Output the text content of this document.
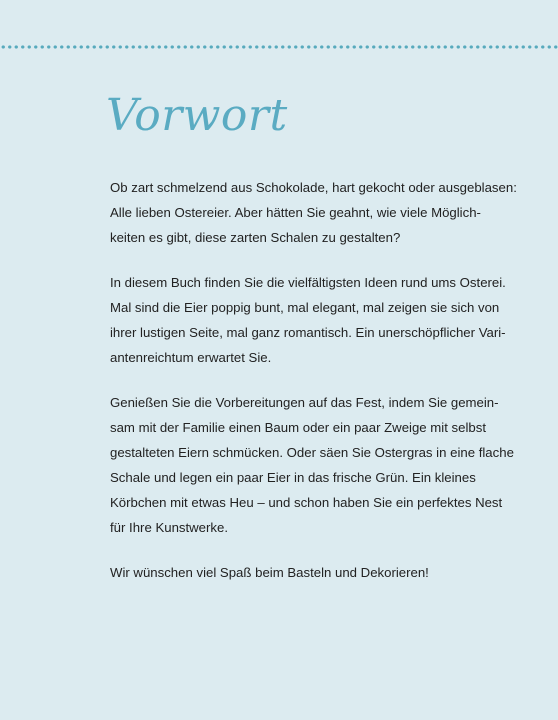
Vorwort

Ob zart schmelzend aus Schokolade, hart gekocht oder ausgeblasen:
Alle lieben Ostereier. Aber hätten Sie geahnt, wie viele Möglich-
keiten es gibt, diese zarten Schalen zu gestalten?

In diesem Buch finden Sie die vielfältigsten Ideen rund ums Osterei.
Mal sind die Eier poppig bunt, mal elegant, mal zeigen sie sich von
ihrer lustigen Seite, mal ganz romantisch. Ein unerschöpflicher Vari-
antenreichtum erwartet Sie.

Genießen Sie die Vorbereitungen auf das Fest, indem Sie gemein-
sam mit der Familie einen Baum oder ein paar Zweige mit selbst
gestalteten Eiern schmücken. Oder säen Sie Ostergras in eine flache
Schale und legen ein paar Eier in das frische Grün. Ein kleines
Körbchen mit etwas Heu – und schon haben Sie ein perfektes Nest
für Ihre Kunstwerke.

Wir wünschen viel Spaß beim Basteln und Dekorieren!
